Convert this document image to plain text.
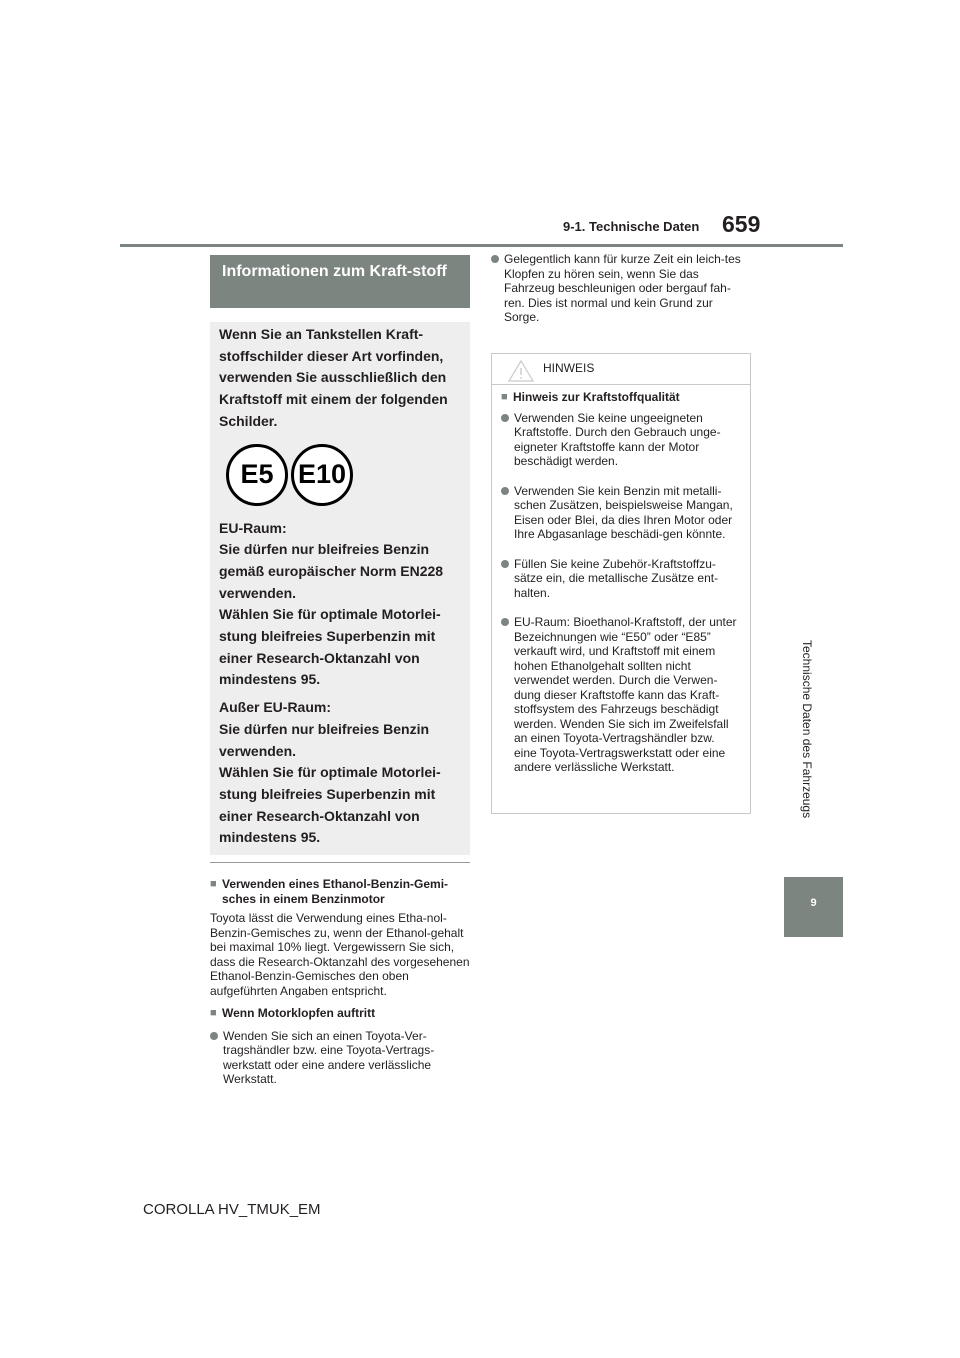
9-1. Technische Daten 659
Technische Daten des Fahrzeugs
9
Informationen zum Kraft-stoff

Wenn Sie an Tankstellen Kraft-stoffschilder dieser Art vorfinden, verwenden Sie ausschließlich den Kraftstoff mit einem der folgenden Schilder.

E5 E10

EU-Raum:

Sie dürfen nur bleifreies Benzin gemäß europäischer Norm EN228 verwenden.

Wählen Sie für optimale Motorlei-stung bleifreies Superbenzin mit einer Research-Oktanzahl von mindestens 95.

Außer EU-Raum:

Sie dürfen nur bleifreies Benzin verwenden.

Wählen Sie für optimale Motorlei-stung bleifreies Superbenzin mit einer Research-Oktanzahl von mindestens 95.

■ Verwenden eines Ethanol-Benzin-Gemi-sches in einem Benzinmotor

Toyota lässt die Verwendung eines Etha-nol-Benzin-Gemisches zu, wenn der Ethanol-gehalt bei maximal 10% liegt. Vergewissern Sie sich, dass die Research-Oktanzahl des vorgesehenen Ethanol-Benzin-Gemisches den oben aufgeführten Angaben entspricht.

■ Wenn Motorklopfen auftritt
Wenden Sie sich an einen Toyota-Ver-tragshändler bzw. eine Toyota-Vertrags-werkstatt oder eine andere verlässliche Werkstatt.
Gelegentlich kann für kurze Zeit ein leich-tes Klopfen zu hören sein, wenn Sie das Fahrzeug beschleunigen oder bergauf fah-ren. Dies ist normal und kein Grund zur Sorge.
HINWEIS
■ Hinweis zur Kraftstoffqualität
Verwenden Sie keine ungeeigneten Kraftstoffe. Durch den Gebrauch unge-eigneter Kraftstoffe kann der Motor beschädigt werden.
Verwenden Sie kein Benzin mit metalli-schen Zusätzen, beispielsweise Mangan, Eisen oder Blei, da dies Ihren Motor oder Ihre Abgasanlage beschädi-gen könnte.
Füllen Sie keine Zubehör-Kraftstoffzu-sätze ein, die metallische Zusätze ent-halten.
EU-Raum: Bioethanol-Kraftstoff, der unter Bezeichnungen wie “E50” oder “E85” verkauft wird, und Kraftstoff mit einem hohen Ethanolgehalt sollten nicht verwendet werden. Durch die Verwen-dung dieser Kraftstoffe kann das Kraft-stoffsystem des Fahrzeugs beschädigt werden. Wenden Sie sich im Zweifelsfall an einen Toyota-Vertragshändler bzw. eine Toyota-Vertragswerkstatt oder eine andere verlässliche Werkstatt.
COROLLA HV_TMUK_EM
